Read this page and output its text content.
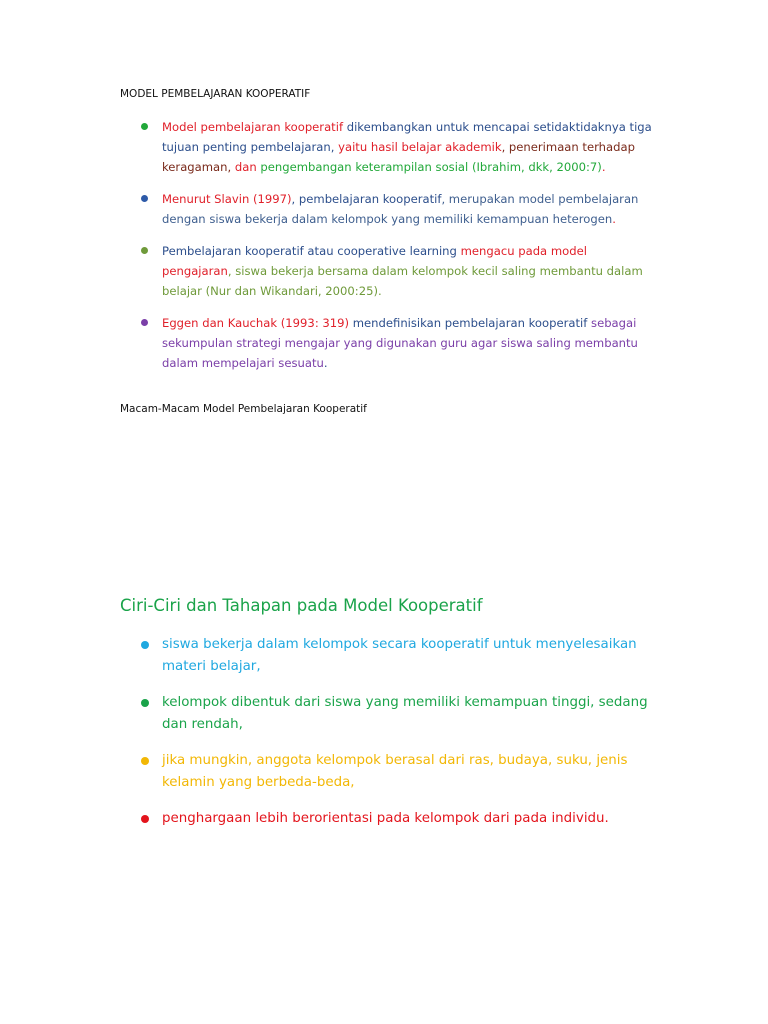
MODEL PEMBELAJARAN KOOPERATIF
Model pembelajaran kooperatif dikembangkan untuk mencapai setidaktidaknya tiga tujuan penting pembelajaran, yaitu hasil belajar akademik, penerimaan terhadap keragaman, dan pengembangan keterampilan sosial (Ibrahim, dkk, 2000:7).
Menurut Slavin (1997), pembelajaran kooperatif, merupakan model pembelajaran dengan siswa bekerja dalam kelompok yang memiliki kemampuan heterogen.
Pembelajaran kooperatif atau cooperative learning mengacu pada model pengajaran, siswa bekerja bersama dalam kelompok kecil saling membantu dalam belajar (Nur dan Wikandari, 2000:25).
Eggen dan Kauchak (1993: 319) mendefinisikan pembelajaran kooperatif sebagai sekumpulan strategi mengajar yang digunakan guru agar siswa saling membantu dalam mempelajari sesuatu.
Macam-Macam Model Pembelajaran Kooperatif
Ciri-Ciri dan Tahapan pada Model Kooperatif
siswa bekerja dalam kelompok secara kooperatif untuk menyelesaikan materi belajar,
kelompok dibentuk dari siswa yang memiliki kemampuan tinggi, sedang dan rendah,
jika mungkin, anggota kelompok berasal dari ras, budaya, suku, jenis kelamin yang berbeda-beda,
penghargaan lebih berorientasi pada kelompok dari pada individu.
